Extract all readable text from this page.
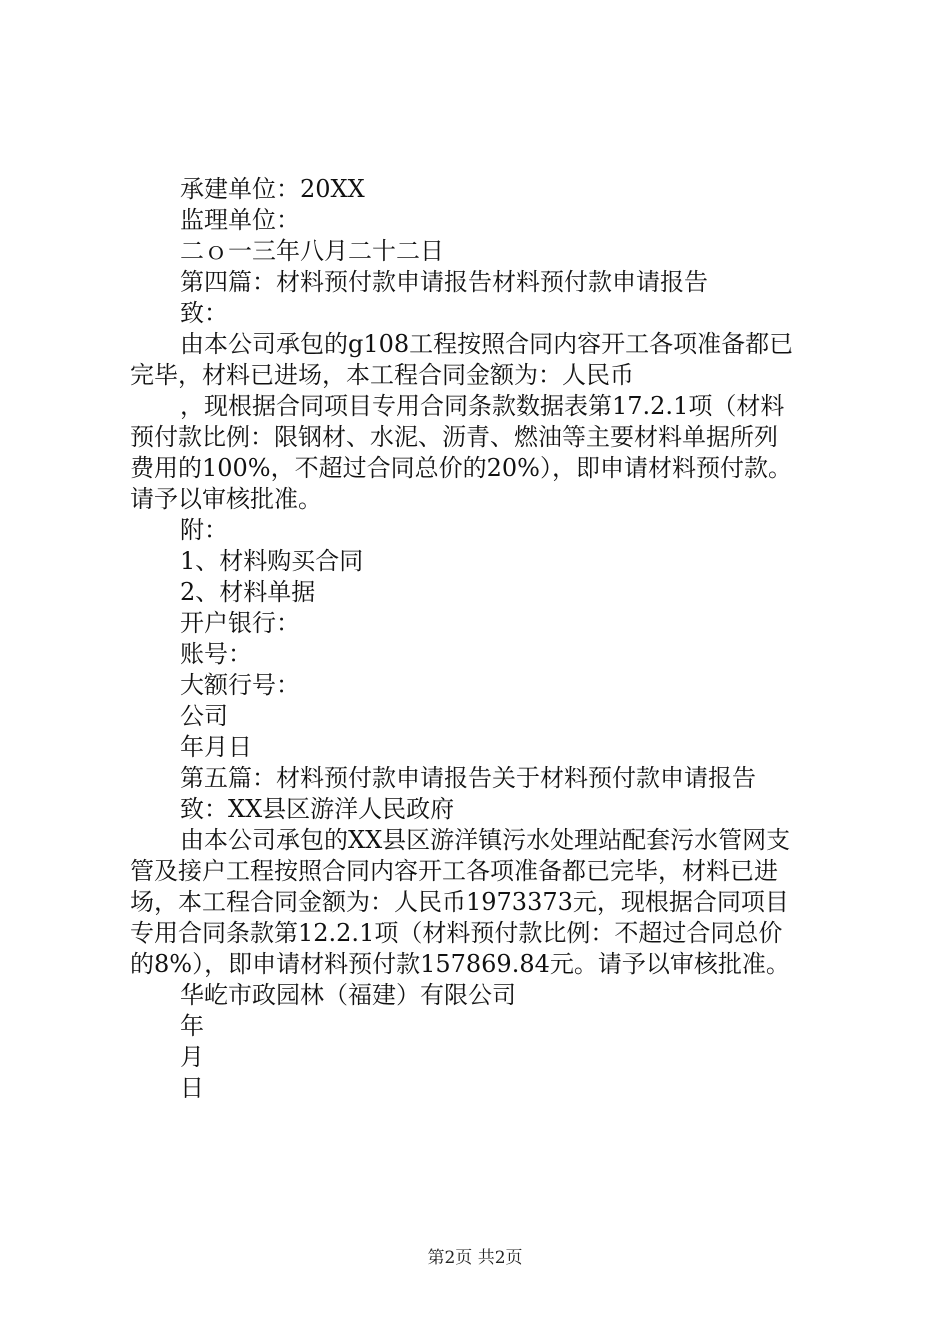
承建单位：20XX
监理单位：
二ｏ一三年八月二十二日
第四篇：材料预付款申请报告材料预付款申请报告
致：
由本公司承包的g108工程按照合同内容开工各项准备都已
完毕，材料已进场，本工程合同金额为：人民币
，现根据合同项目专用合同条款数据表第17.2.1项（材料
预付款比例：限钢材、水泥、沥青、燃油等主要材料单据所列
费用的100%，不超过合同总价的20%），即申请材料预付款。
请予以审核批准。
附：
1、材料购买合同
2、材料单据
开户银行：
账号：
大额行号：
公司
年月日
第五篇：材料预付款申请报告关于材料预付款申请报告
致：XX县区游洋人民政府
由本公司承包的XX县区游洋镇污水处理站配套污水管网支
管及接户工程按照合同内容开工各项准备都已完毕，材料已进
场，本工程合同金额为：人民币1973373元，现根据合同项目
专用合同条款第12.2.1项（材料预付款比例：不超过合同总价
的8%），即申请材料预付款157869.84元。请予以审核批准。
华屹市政园林（福建）有限公司
年
月
日
第2页 共2页
